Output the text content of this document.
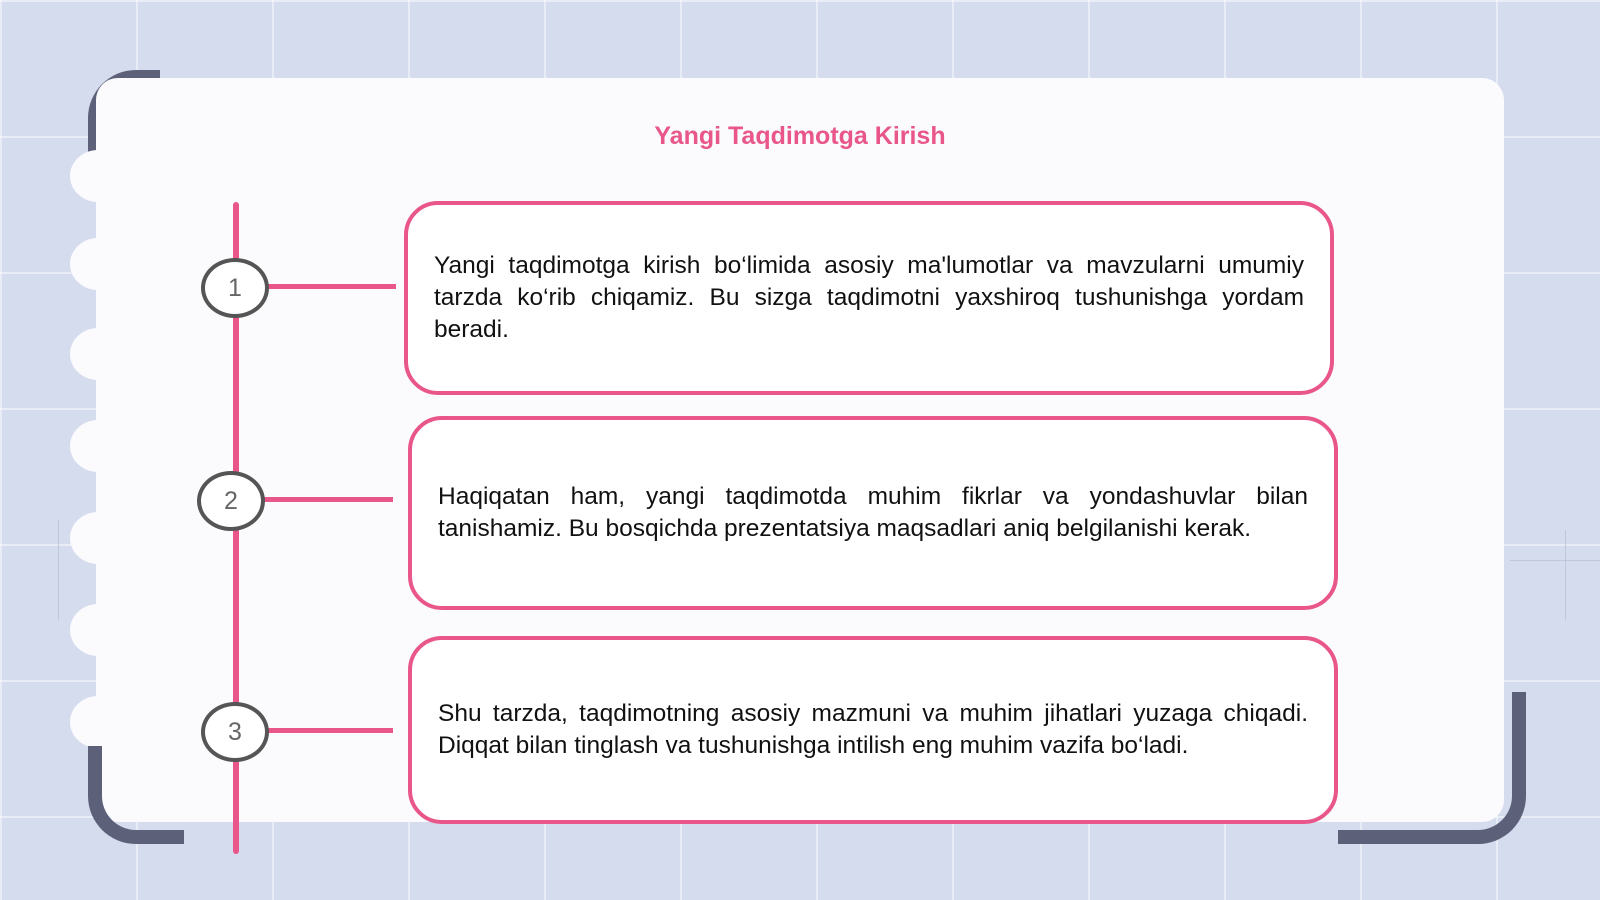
Yangi Taqdimotga Kirish
1
Yangi taqdimotga kirish bo‘limida asosiy ma'lumotlar va mavzularni umumiy tarzda ko‘rib chiqamiz. Bu sizga taqdimotni yaxshiroq tushunishga yordam beradi.
2	Haqiqatan ham, yangi taqdimotda muhim fikrlar va yondashuvlar bilan tanishamiz. Bu bosqichda prezentatsiya maqsadlari aniq belgilanishi kerak.
3
Shu tarzda, taqdimotning asosiy mazmuni va muhim jihatlari yuzaga chiqadi. Diqqat bilan tinglash va tushunishga intilish eng muhim vazifa bo‘ladi.
